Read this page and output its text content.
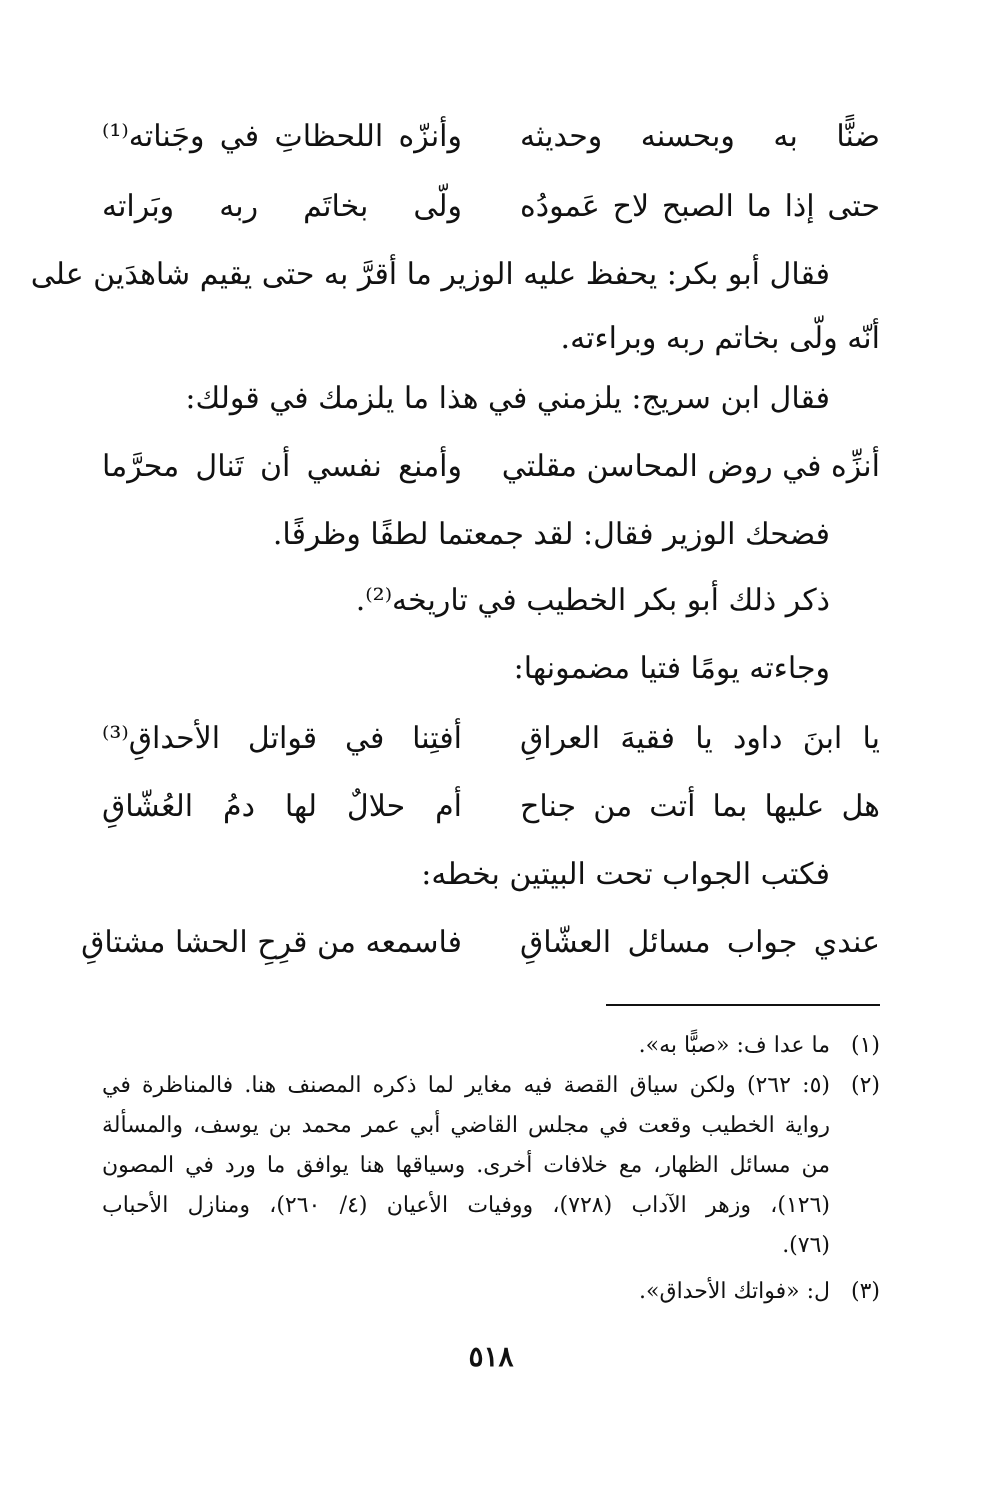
ضنًّا به وبحسنه وحديثه
وأنزّه اللحظاتِ في وجَناته⁽¹⁾
حتى إذا ما الصبح لاح عَمودُه
ولّى بخاتَم ربه وبَراته
فقال أبو بكر: يحفظ عليه الوزير ما أقرَّ به حتى يقيم شاهدَين على
أنّه ولّى بخاتم ربه وبراءته.
فقال ابن سريج: يلزمني في هذا ما يلزمك في قولك:
أنزِّه في روض المحاسن مقلتي
وأمنع نفسي أن تَنال محرَّما
فضحك الوزير فقال: لقد جمعتما لطفًا وظرفًا.
ذكر ذلك أبو بكر الخطيب في تاريخه⁽²⁾.
وجاءته يومًا فتيا مضمونها:
يا ابنَ داود يا فقيهَ العراقِ
أفتِنا في قواتل الأحداقِ⁽³⁾
هل عليها بما أتت من جناح
أم حلالٌ لها دمُ العُشّاقِ
فكتب الجواب تحت البيتين بخطه:
عندي جواب مسائل العشّاقِ
فاسمعه من قرِحِ الحشا مشتاقِ
(١)
ما عدا ف: «صبًّا به».
(٢)
(٥: ٢٦٢) ولكن سياق القصة فيه مغاير لما ذكره المصنف هنا. فالمناظرة في
رواية الخطيب وقعت في مجلس القاضي أبي عمر محمد بن يوسف، والمسألة
من مسائل الظهار، مع خلافات أخرى. وسياقها هنا يوافق ما ورد في المصون
(١٢٦)، وزهر الآداب (٧٢٨)، ووفيات الأعيان (٤/ ٢٦٠)، ومنازل الأحباب
(٧٦).
(٣)
ل: «فواتك الأحداق».
٥١٨
